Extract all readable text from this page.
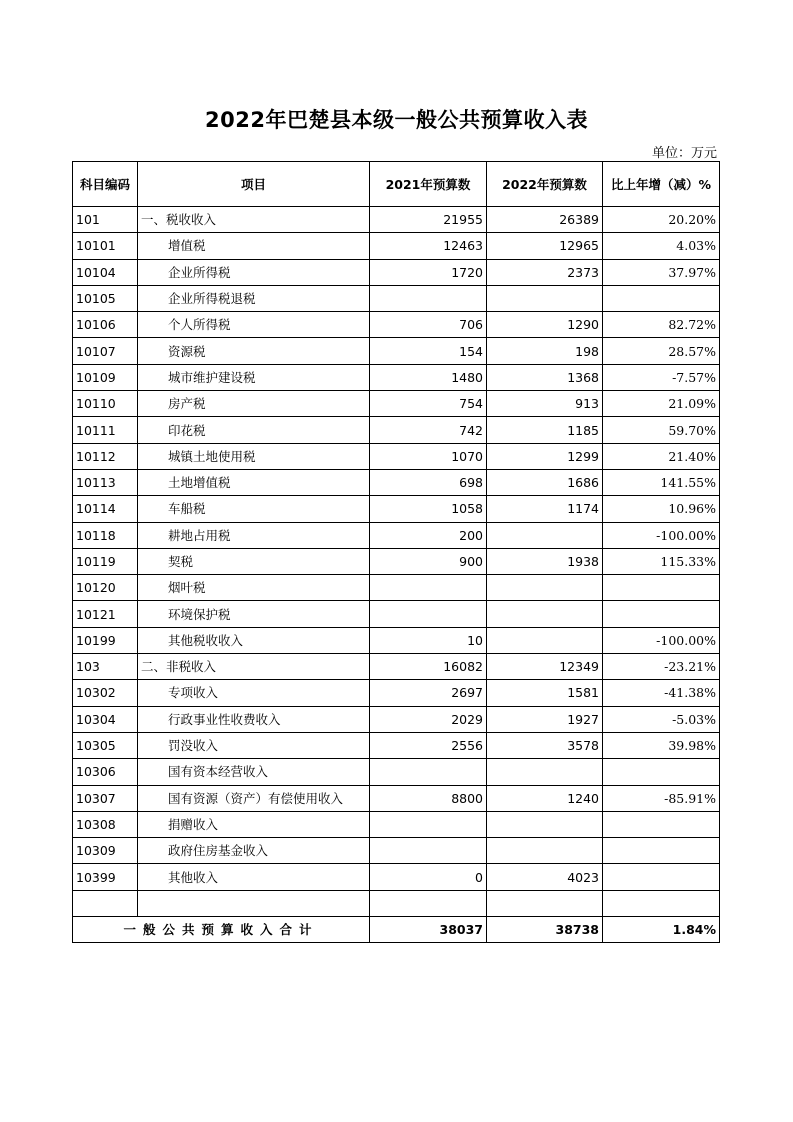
2022年巴楚县本级一般公共预算收入表
单位：万元
科目编码	项目	2021年预算数	2022年预算数	比上年增（减）%
101	一、税收收入	21955	26389	20.20%
10101	增值税	12463	12965	4.03%
10104	企业所得税	1720	2373	37.97%
10105	企业所得税退税			
10106	个人所得税	706	1290	82.72%
10107	资源税	154	198	28.57%
10109	城市维护建设税	1480	1368	-7.57%
10110	房产税	754	913	21.09%
10111	印花税	742	1185	59.70%
10112	城镇土地使用税	1070	1299	21.40%
10113	土地增值税	698	1686	141.55%
10114	车船税	1058	1174	10.96%
10118	耕地占用税	200		-100.00%
10119	契税	900	1938	115.33%
10120	烟叶税			
10121	环境保护税			
10199	其他税收收入	10		-100.00%
103	二、非税收入	16082	12349	-23.21%
10302	专项收入	2697	1581	-41.38%
10304	行政事业性收费收入	2029	1927	-5.03%
10305	罚没收入	2556	3578	39.98%
10306	国有资本经营收入			
10307	国有资源（资产）有偿使用收入	8800	1240	-85.91%
10308	捐赠收入			
10309	政府住房基金收入			
10399	其他收入	0	4023	

一般公共预算收入合计		38037	38738	1.84%
